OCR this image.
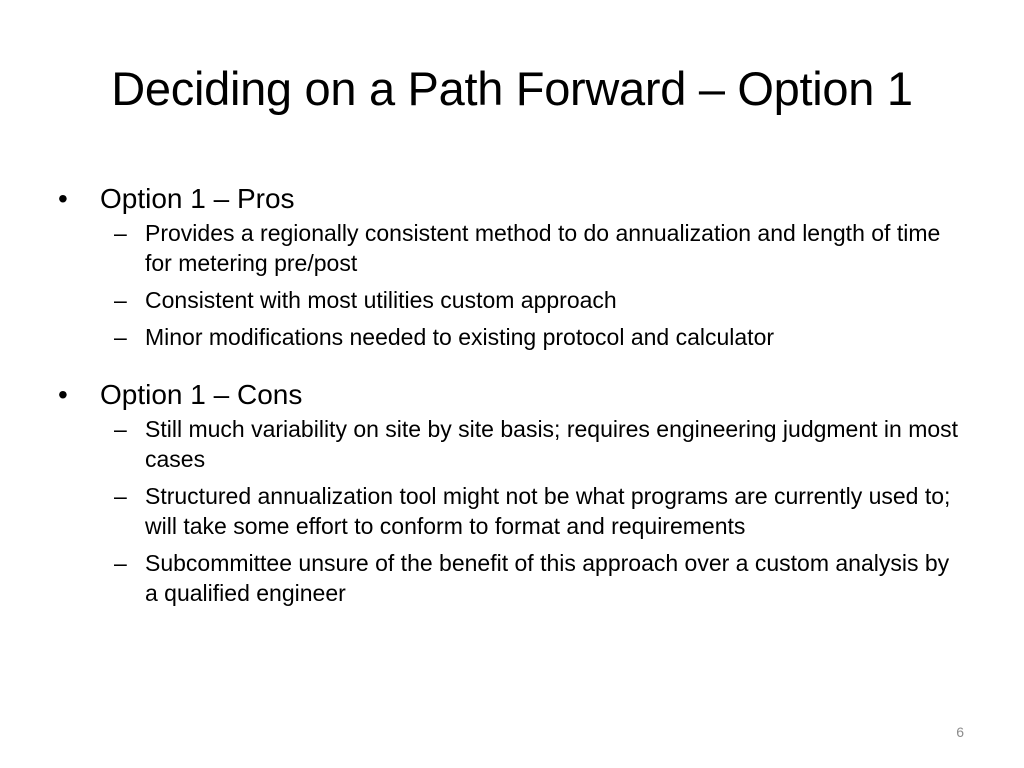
Deciding on a Path Forward – Option 1
•	Option 1 – Pros
– Provides a regionally consistent method to do annualization and length of time for metering pre/post
– Consistent with most utilities custom approach
– Minor modifications needed to existing protocol and calculator
•	Option 1 – Cons
– Still much variability on site by site basis; requires engineering judgment in most cases
– Structured annualization tool might not be what programs are currently used to; will take some effort to conform to format and requirements
– Subcommittee unsure of the benefit of this approach over a custom analysis by a qualified engineer
6
